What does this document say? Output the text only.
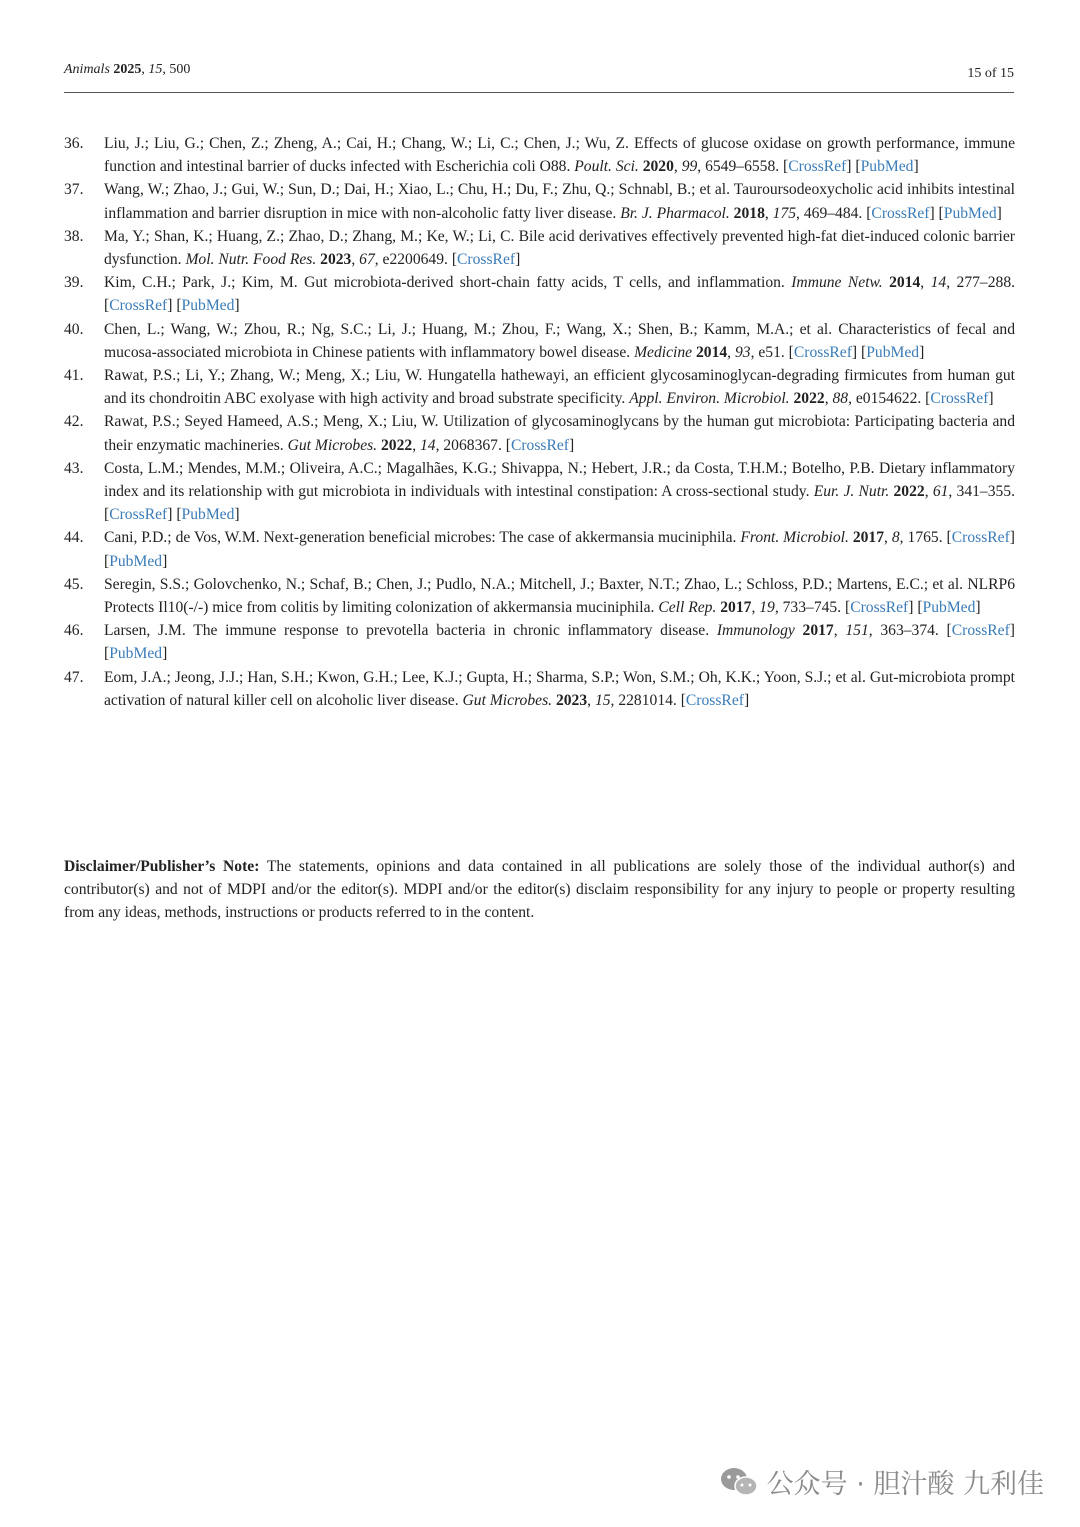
Animals 2025, 15, 500	15 of 15
36. Liu, J.; Liu, G.; Chen, Z.; Zheng, A.; Cai, H.; Chang, W.; Li, C.; Chen, J.; Wu, Z. Effects of glucose oxidase on growth performance, immune function and intestinal barrier of ducks infected with Escherichia coli O88. Poult. Sci. 2020, 99, 6549–6558. [CrossRef] [PubMed]
37. Wang, W.; Zhao, J.; Gui, W.; Sun, D.; Dai, H.; Xiao, L.; Chu, H.; Du, F.; Zhu, Q.; Schnabl, B.; et al. Tauroursodeoxycholic acid inhibits intestinal inflammation and barrier disruption in mice with non-alcoholic fatty liver disease. Br. J. Pharmacol. 2018, 175, 469–484. [CrossRef] [PubMed]
38. Ma, Y.; Shan, K.; Huang, Z.; Zhao, D.; Zhang, M.; Ke, W.; Li, C. Bile acid derivatives effectively prevented high-fat diet-induced colonic barrier dysfunction. Mol. Nutr. Food Res. 2023, 67, e2200649. [CrossRef]
39. Kim, C.H.; Park, J.; Kim, M. Gut microbiota-derived short-chain fatty acids, T cells, and inflammation. Immune Netw. 2014, 14, 277–288. [CrossRef] [PubMed]
40. Chen, L.; Wang, W.; Zhou, R.; Ng, S.C.; Li, J.; Huang, M.; Zhou, F.; Wang, X.; Shen, B.; Kamm, M.A.; et al. Characteristics of fecal and mucosa-associated microbiota in Chinese patients with inflammatory bowel disease. Medicine 2014, 93, e51. [CrossRef] [PubMed]
41. Rawat, P.S.; Li, Y.; Zhang, W.; Meng, X.; Liu, W. Hungatella hathewayi, an efficient glycosaminoglycan-degrading firmicutes from human gut and its chondroitin ABC exolyase with high activity and broad substrate specificity. Appl. Environ. Microbiol. 2022, 88, e0154622. [CrossRef]
42. Rawat, P.S.; Seyed Hameed, A.S.; Meng, X.; Liu, W. Utilization of glycosaminoglycans by the human gut microbiota: Participating bacteria and their enzymatic machineries. Gut Microbes. 2022, 14, 2068367. [CrossRef]
43. Costa, L.M.; Mendes, M.M.; Oliveira, A.C.; Magalhães, K.G.; Shivappa, N.; Hebert, J.R.; da Costa, T.H.M.; Botelho, P.B. Dietary inflammatory index and its relationship with gut microbiota in individuals with intestinal constipation: A cross-sectional study. Eur. J. Nutr. 2022, 61, 341–355. [CrossRef] [PubMed]
44. Cani, P.D.; de Vos, W.M. Next-generation beneficial microbes: The case of akkermansia muciniphila. Front. Microbiol. 2017, 8, 1765. [CrossRef] [PubMed]
45. Seregin, S.S.; Golovchenko, N.; Schaf, B.; Chen, J.; Pudlo, N.A.; Mitchell, J.; Baxter, N.T.; Zhao, L.; Schloss, P.D.; Martens, E.C.; et al. NLRP6 Protects Il10(-/-) mice from colitis by limiting colonization of akkermansia muciniphila. Cell Rep. 2017, 19, 733–745. [CrossRef] [PubMed]
46. Larsen, J.M. The immune response to prevotella bacteria in chronic inflammatory disease. Immunology 2017, 151, 363–374. [CrossRef] [PubMed]
47. Eom, J.A.; Jeong, J.J.; Han, S.H.; Kwon, G.H.; Lee, K.J.; Gupta, H.; Sharma, S.P.; Won, S.M.; Oh, K.K.; Yoon, S.J.; et al. Gut-microbiota prompt activation of natural killer cell on alcoholic liver disease. Gut Microbes. 2023, 15, 2281014. [CrossRef]

Disclaimer/Publisher’s Note: The statements, opinions and data contained in all publications are solely those of the individual author(s) and contributor(s) and not of MDPI and/or the editor(s). MDPI and/or the editor(s) disclaim responsibility for any injury to people or property resulting from any ideas, methods, instructions or products referred to in the content.

公众号 · 胆汁酸 九利佳
